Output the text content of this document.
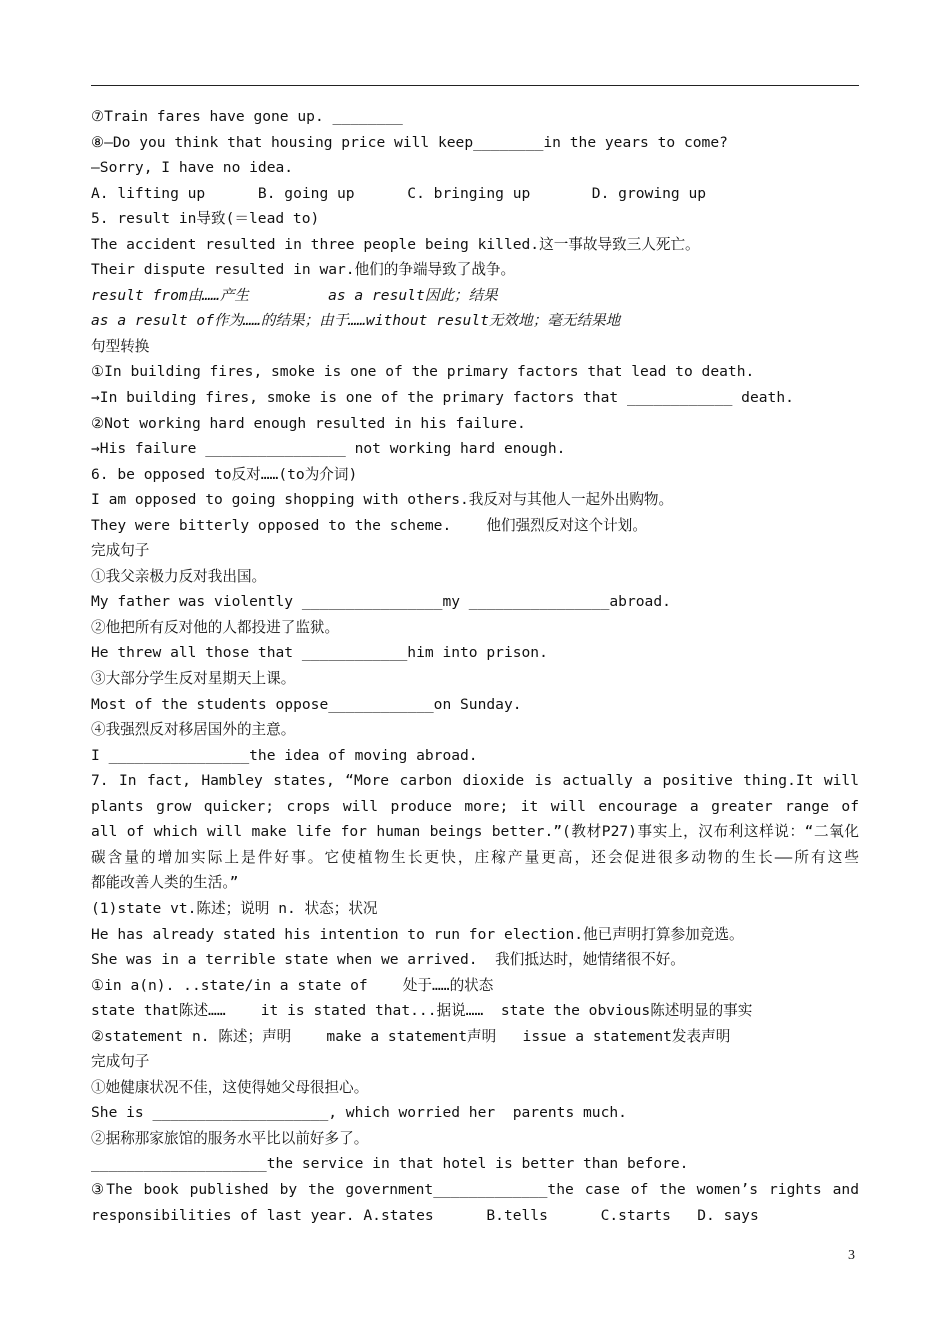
⑦Train fares have gone up. ________
⑧—Do you think that housing price will keep________in the years to come?
—Sorry, I have no idea.
A. lifting up      B. going up      C. bringing up       D. growing up
5. result in导致(＝lead to)
The accident resulted in three people being killed.这一事故导致三人死亡。
Their dispute resulted in war.他们的争端导致了战争。
result from由……产生         as a result因此；结果
as a result of作为……的结果；由于……without result无效地；毫无结果地
句型转换
①In building fires, smoke is one of the primary factors that lead to death.
→In building fires, smoke is one of the primary factors that ____________ death.
②Not working hard enough resulted in his failure.
→His failure ________________ not working hard enough.
6. be opposed to反对……(to为介词)
I am opposed to going shopping with others.我反对与其他人一起外出购物。
They were bitterly opposed to the scheme.    他们强烈反对这个计划。
完成句子
①我父亲极力反对我出国。
My father was violently ________________my ________________abroad.
②他把所有反对他的人都投进了监狱。
He threw all those that ____________him into prison.
③大部分学生反对星期天上课。
Most of the students oppose____________on Sunday.
④我强烈反对移居国外的主意。
I ________________the idea of moving abroad.
7. In fact, Hambley states, “More carbon dioxide is actually a positive thing.It will
plants grow quicker; crops will produce more; it will encourage a greater range of
all of which will make life for human beings better.”(教材P27)事实上，汉布利这样说：“二氧化
碳含量的增加实际上是件好事。它使植物生长更快，庄稼产量更高，还会促进很多动物的生长——所有这些
都能改善人类的生活。”
(1)state vt.陈述；说明 n. 状态；状况
He has already stated his intention to run for election.他已声明打算参加竞选。
She was in a terrible state when we arrived.  我们抵达时，她情绪很不好。
①in a(n). ..state/in a state of    处于……的状态
state that陈述……    it is stated that...据说……  state the obvious陈述明显的事实
②statement n. 陈述；声明    make a statement声明   issue a statement发表声明
完成句子
①她健康状况不佳，这使得她父母很担心。
She is ____________________, which worried her  parents much.
②据称那家旅馆的服务水平比以前好多了。
____________________the service in that hotel is better than before.
③The book published by the government_____________the case of the women’s rights and
responsibilities of last year. A.states      B.tells      C.starts   D. says
3
